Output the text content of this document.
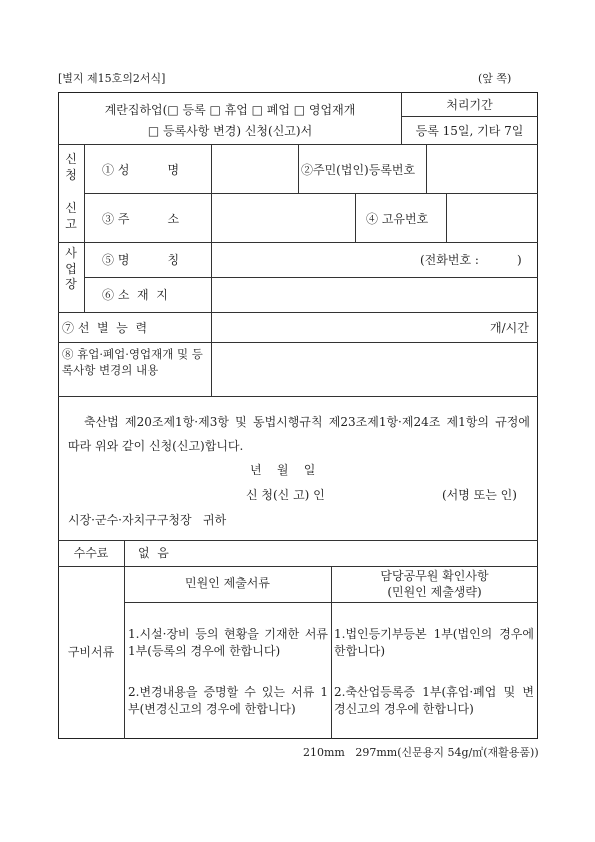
[별지 제15호의2서식]	(앞 쪽)
계란집하업(□ 등록 □ 휴업 □ 폐업 □ 영업재개
□ 등록사항 변경) 신청(신고)서
처리기간
등록 15일, 기타 7일
신
청
신
고
① 성          명	②주민(법인)등록번호
③ 주          소	④ 고유번호
사
업
장
⑤ 명          칭	(전화번호 :          )
⑥ 소  재  지
⑦ 선  별  능  력	개/시간
⑧ 휴업·폐업·영업재개 및 등록사항 변경의 내용
축산법 제20조제1항·제3항 및 동법시행규칙 제23조제1항·제24조 제1항의 규정에 따라 위와 같이 신청(신고)합니다.
년    월    일
신 청(신 고) 인	(서명 또는 인)
시장·군수·자치구구청장   귀하
수수료	없  음
구비서류
민원인 제출서류	담당공무원 확인사항
(민원인 제출생략)
1.시설·장비 등의 현황을 기재한 서류 1부(등록의 경우에 한합니다)
2.변경내용을 증명할 수 있는 서류 1부(변경신고의 경우에 한합니다)
1.법인등기부등본 1부(법인의 경우에 한합니다)
2.축산업등록증 1부(휴업·폐업 및 변경신고의 경우에 한합니다)
210mm   297mm(신문용지 54g/㎡(재활용품))
